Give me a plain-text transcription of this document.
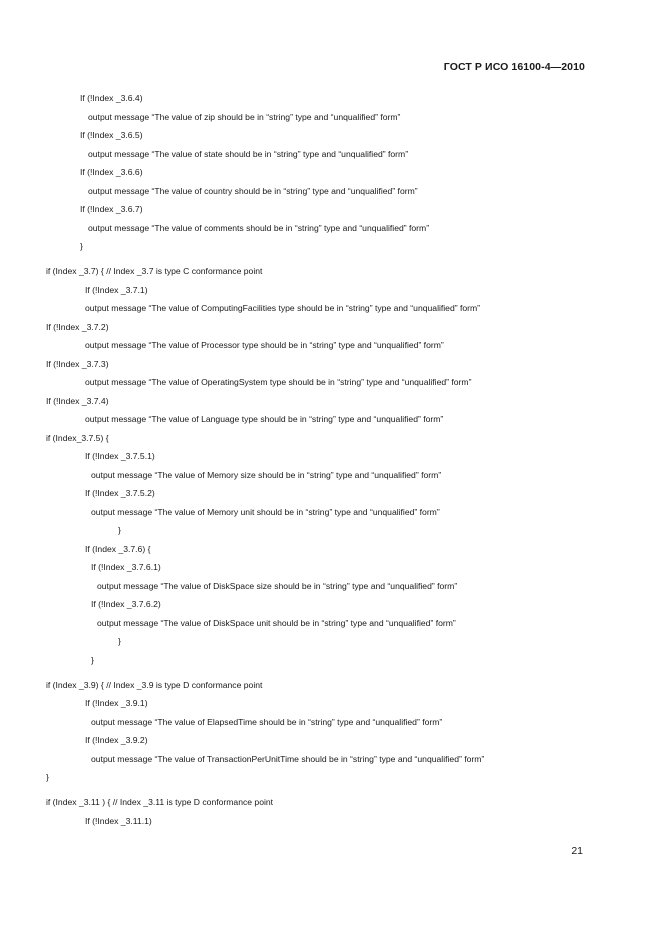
ГОСТ Р ИСО 16100-4—2010
If (!Index _3.6.4)
output message “The value of zip should be in “string” type and “unqualified” form”
If (!Index _3.6.5)
output message “The value of state should be in “string” type and “unqualified” form”
If (!Index _3.6.6)
output message “The value of country should be in “string” type and “unqualified” form”
If (!Index _3.6.7)
output message “The value of comments should be in “string” type and “unqualified” form”
}
if (Index _3.7) { // Index _3.7 is type C conformance point
If (!Index _3.7.1)
output message “The value of ComputingFacilities type should be in “string” type and “unqualified” form”
If (!Index _3.7.2)
output message “The value of Processor type should be in “string” type and “unqualified” form”
If (!Index _3.7.3)
output message “The value of OperatingSystem type should be in “string” type and “unqualified” form”
If (!Index _3.7.4)
output message “The value of Language type should be in “string” type and “unqualified” form”
if (Index_3.7.5) {
If (!Index _3.7.5.1)
output message “The value of Memory size should be in “string” type and “unqualified” form”
If (!Index _3.7.5.2)
output message “The value of Memory unit should be in “string” type and “unqualified” form”
}
If (Index _3.7.6) {
If (!Index _3.7.6.1)
output message “The value of DiskSpace size should be in “string” type and “unqualified” form”
If (!Index _3.7.6.2)
output message “The value of DiskSpace unit should be in “string” type and “unqualified” form”
}
}
if (Index _3.9) { // Index _3.9 is type D conformance point
If (!Index _3.9.1)
output message “The value of ElapsedTime should be in “string” type and “unqualified” form”
If (!Index _3.9.2)
output message “The value of TransactionPerUnitTime should be in “string” type and “unqualified” form”
}
if (Index _3.11 ) { // Index _3.11 is type D conformance point
If (!Index _3.11.1)
21
